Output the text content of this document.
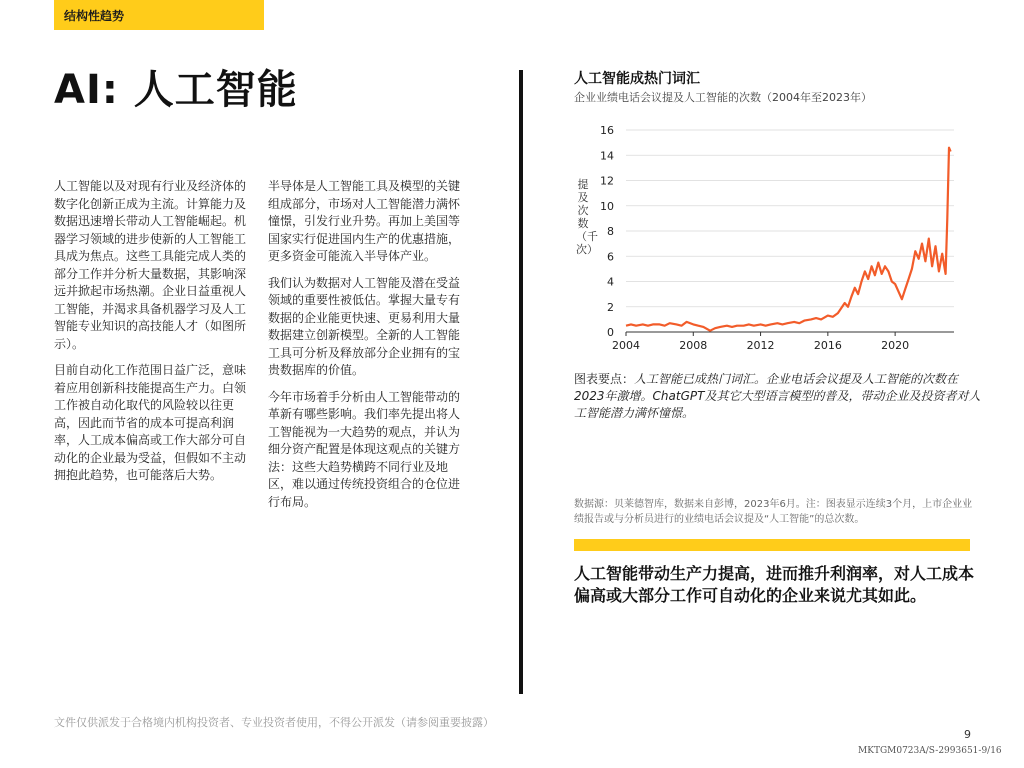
结构性趋势
AI: 人工智能

人工智能以及对现有行业及经济体的数字化创新正成为主流。计算能力及数据迅速增长带动人工智能崛起。机器学习领域的进步使新的人工智能工具成为焦点。这些工具能完成人类的部分工作并分析大量数据，其影响深远并掀起市场热潮。企业日益重视人工智能，并渴求具备机器学习及人工智能专业知识的高技能人才（如图所示）。

目前自动化工作范围日益广泛，意味着应用创新科技能提高生产力。白领工作被自动化取代的风险较以往更高，因此而节省的成本可提高利润率，人工成本偏高或工作大部分可自动化的企业最为受益，但假如不主动拥抱此趋势，也可能落后大势。

半导体是人工智能工具及模型的关键组成部分，市场对人工智能潜力满怀憧憬，引发行业升势。再加上美国等国家实行促进国内生产的优惠措施，更多资金可能流入半导体产业。

我们认为数据对人工智能及潜在受益领域的重要性被低估。掌握大量专有数据的企业能更快速、更易利用大量数据建立创新模型。全新的人工智能工具可分析及释放部分企业拥有的宝贵数据库的价值。

今年市场着手分析由人工智能带动的革新有哪些影响。我们率先提出将人工智能视为一大趋势的观点，并认为细分资产配置是体现这观点的关键方法：这些大趋势横跨不同行业及地区，难以通过传统投资组合的仓位进行布局。

人工智能成热门词汇
企业业绩电话会议提及人工智能的次数（2004年至2023年）
提及次数（千次）
0
2
4
6
8
10
12
14
16
2004	2008	2012	2016	2020
图表要点：人工智能已成热门词汇。企业电话会议提及人工智能的次数在2023年激增。ChatGPT及其它大型语言模型的普及，带动企业及投资者对人工智能潜力满怀憧憬。
数据源：贝莱德智库，数据来自彭博，2023年6月。注：图表显示连续3个月，上市企业业绩报告或与分析员进行的业绩电话会议提及“人工智能”的总次数。
人工智能带动生产力提高，进而推升利润率，对人工成本偏高或大部分工作可自动化的企业来说尤其如此。
文件仅供派发于合格境内机构投资者、专业投资者使用，不得公开派发（请参阅重要披露）
9
MKTGM0723A/S-2993651-9/16
